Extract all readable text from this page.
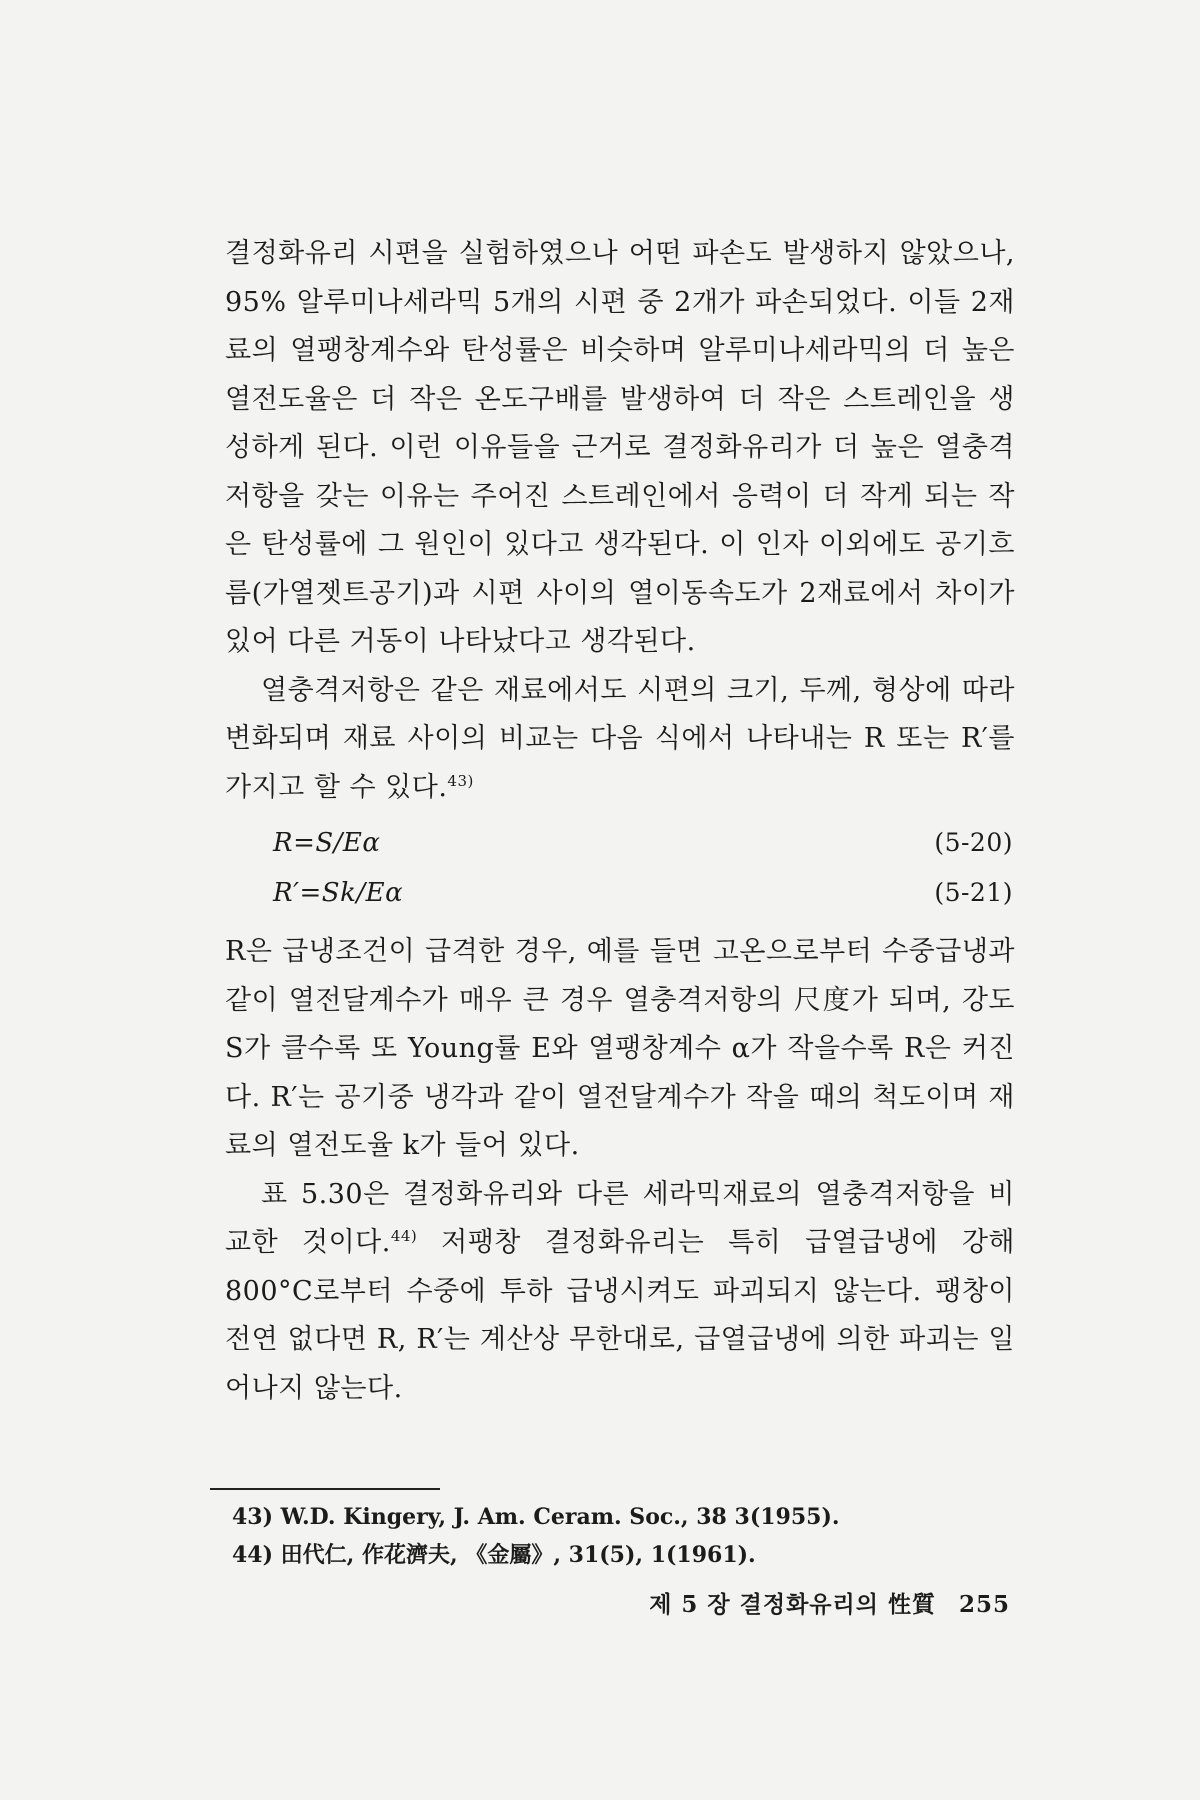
결정화유리 시편을 실험하였으나 어떤 파손도 발생하지 않았으나, 95% 알루미나세라믹 5개의 시편 중 2개가 파손되었다. 이들 2재료의 열팽창계수와 탄성률은 비슷하며 알루미나세라믹의 더 높은 열전도율은 더 작은 온도구배를 발생하여 더 작은 스트레인을 생성하게 된다. 이런 이유들을 근거로 결정화유리가 더 높은 열충격저항을 갖는 이유는 주어진 스트레인에서 응력이 더 작게 되는 작은 탄성률에 그 원인이 있다고 생각된다. 이 인자 이외에도 공기흐름(가열젯트공기)과 시편 사이의 열이동속도가 2재료에서 차이가 있어 다른 거동이 나타났다고 생각된다.

열충격저항은 같은 재료에서도 시편의 크기, 두께, 형상에 따라 변화되며 재료 사이의 비교는 다음 식에서 나타내는 R 또는 R′를 가지고 할 수 있다.$^{43)}$

R=S/Eα	(5-20)
R′=Sk/Eα	(5-21)

R은 급냉조건이 급격한 경우, 예를 들면 고온으로부터 수중급냉과 같이 열전달계수가 매우 큰 경우 열충격저항의 尺度가 되며, 강도 S가 클수록 또 Young률 E와 열팽창계수 α가 작을수록 R은 커진다. R′는 공기중 냉각과 같이 열전달계수가 작을 때의 척도이며 재료의 열전도율 k가 들어 있다.

표 5.30은 결정화유리와 다른 세라믹재료의 열충격저항을 비교한 것이다.$^{44)}$ 저팽창 결정화유리는 특히 급열급냉에 강해 800°C로부터 수중에 투하 급냉시켜도 파괴되지 않는다. 팽창이 전연 없다면 R, R′는 계산상 무한대로, 급열급냉에 의한 파괴는 일어나지 않는다.

43) W.D. Kingery, J. Am. Ceram. Soc., 38 3(1955).

44) 田代仁, 作花濟夫, 《金屬》, 31(5), 1(1961).

제 5 장 결정화유리의 性質 255
